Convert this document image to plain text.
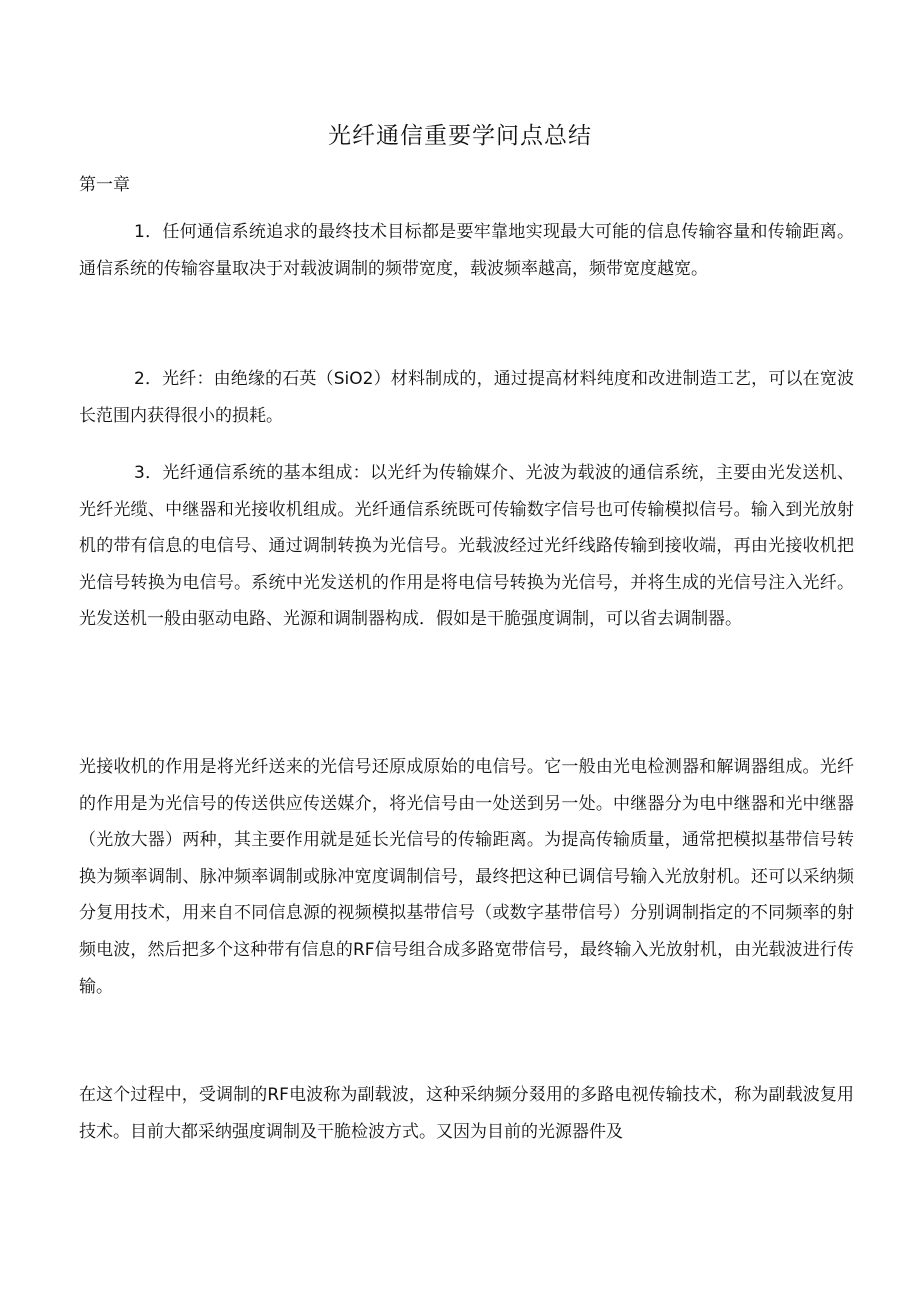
光纤通信重要学问点总结
第一章

1．任何通信系统追求的最终技术目标都是要牢靠地实现最大可能的信息传输容量和传输距离。通信系统的传输容量取决于对载波调制的频带宽度，载波频率越高，频带宽度越宽。

2．光纤：由绝缘的石英（SiO2）材料制成的，通过提高材料纯度和改进制造工艺，可以在宽波长范围内获得很小的损耗。

3．光纤通信系统的基本组成：以光纤为传输媒介、光波为载波的通信系统，主要由光发送机、光纤光缆、中继器和光接收机组成。光纤通信系统既可传输数字信号也可传输模拟信号。输入到光放射机的带有信息的电信号、通过调制转换为光信号。光载波经过光纤线路传输到接收端，再由光接收机把光信号转换为电信号。系统中光发送机的作用是将电信号转换为光信号，并将生成的光信号注入光纤。光发送机一般由驱动电路、光源和调制器构成．假如是干脆强度调制，可以省去调制器。

光接收机的作用是将光纤送来的光信号还原成原始的电信号。它一般由光电检测器和解调器组成。光纤的作用是为光信号的传送供应传送媒介，将光信号由一处送到另一处。中继器分为电中继器和光中继器（光放大器）两种，其主要作用就是延长光信号的传输距离。为提高传输质量，通常把模拟基带信号转换为频率调制、脉冲频率调制或脉冲宽度调制信号，最终把这种已调信号输入光放射机。还可以采纳频分复用技术，用来自不同信息源的视频模拟基带信号（或数字基带信号）分别调制指定的不同频率的射频电波，然后把多个这种带有信息的RF信号组合成多路宽带信号，最终输入光放射机，由光载波进行传输。

在这个过程中，受调制的RF电波称为副载波，这种采纳频分叕用的多路电视传输技术，称为副载波复用技术。目前大都采纳强度调制及干脆检波方式。又因为目前的光源器件及
